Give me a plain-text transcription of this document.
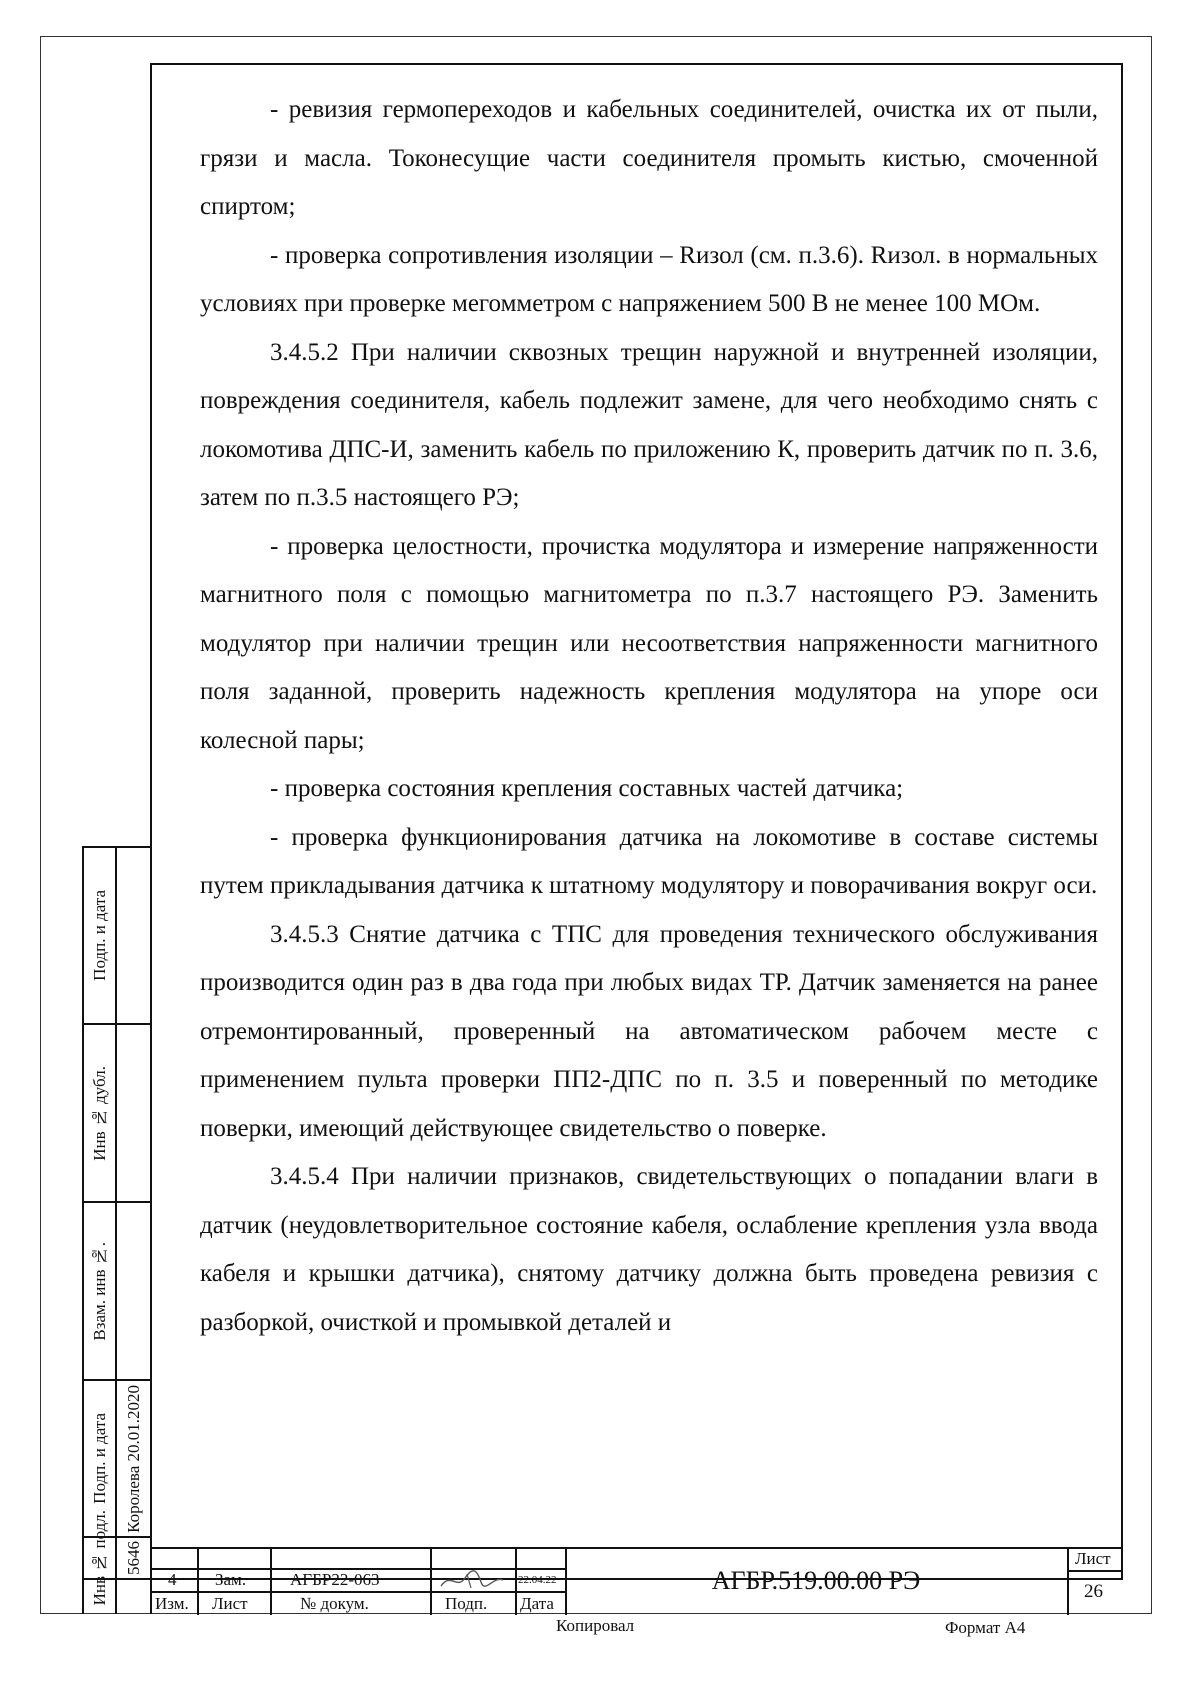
- ревизия гермопереходов и кабельных соединителей, очистка их от пыли, грязи и масла. Токонесущие части соединителя промыть кистью, смоченной спиртом;

- проверка сопротивления изоляции – Rизол (см. п.3.6). Rизол. в нормальных условиях при проверке мегомметром с напряжением 500 В не менее 100 МОм.

3.4.5.2 При наличии сквозных трещин наружной и внутренней изоляции, повреждения соединителя, кабель подлежит замене, для чего необходимо снять с локомотива ДПС-И, заменить кабель по приложению К, проверить датчик по п. 3.6, затем по п.3.5 настоящего РЭ;

- проверка целостности, прочистка модулятора и измерение напряженности магнитного поля с помощью магнитометра по п.3.7 настоящего РЭ. Заменить модулятор при наличии трещин или несоответствия напряженности магнитного поля заданной, проверить надежность крепления модулятора на упоре оси колесной пары;

- проверка состояния крепления составных частей датчика;

- проверка функционирования датчика на локомотиве в составе системы путем прикладывания датчика к штатному модулятору и поворачивания вокруг оси.

3.4.5.3 Снятие датчика с ТПС для проведения технического обслуживания производится один раз в два года при любых видах ТР. Датчик заменяется на ранее отремонтированный, проверенный на автоматическом рабочем месте с применением пульта проверки ПП2-ДПС по п. 3.5 и поверенный по методике поверки, имеющий действующее свидетельство о поверке.

3.4.5.4 При наличии признаков, свидетельствующих о попадании влаги в датчик (неудовлетворительное состояние кабеля, ослабление крепления узла ввода кабеля и крышки датчика), снятому датчику должна быть проведена ревизия с разборкой, очисткой и промывкой деталей и

Подп. и дата
Инв № дубл.
Взам. инв №.
Подп. и дата
Инв № подл.
Королева 20.01.2020
5646
4 Зам.	АГБР22-063	22.04.22
Изм. Лист	№ докум.	Подп. Дата
АГБР.519.00.00 РЭ
Лист
26
Копировал	Формат А4
